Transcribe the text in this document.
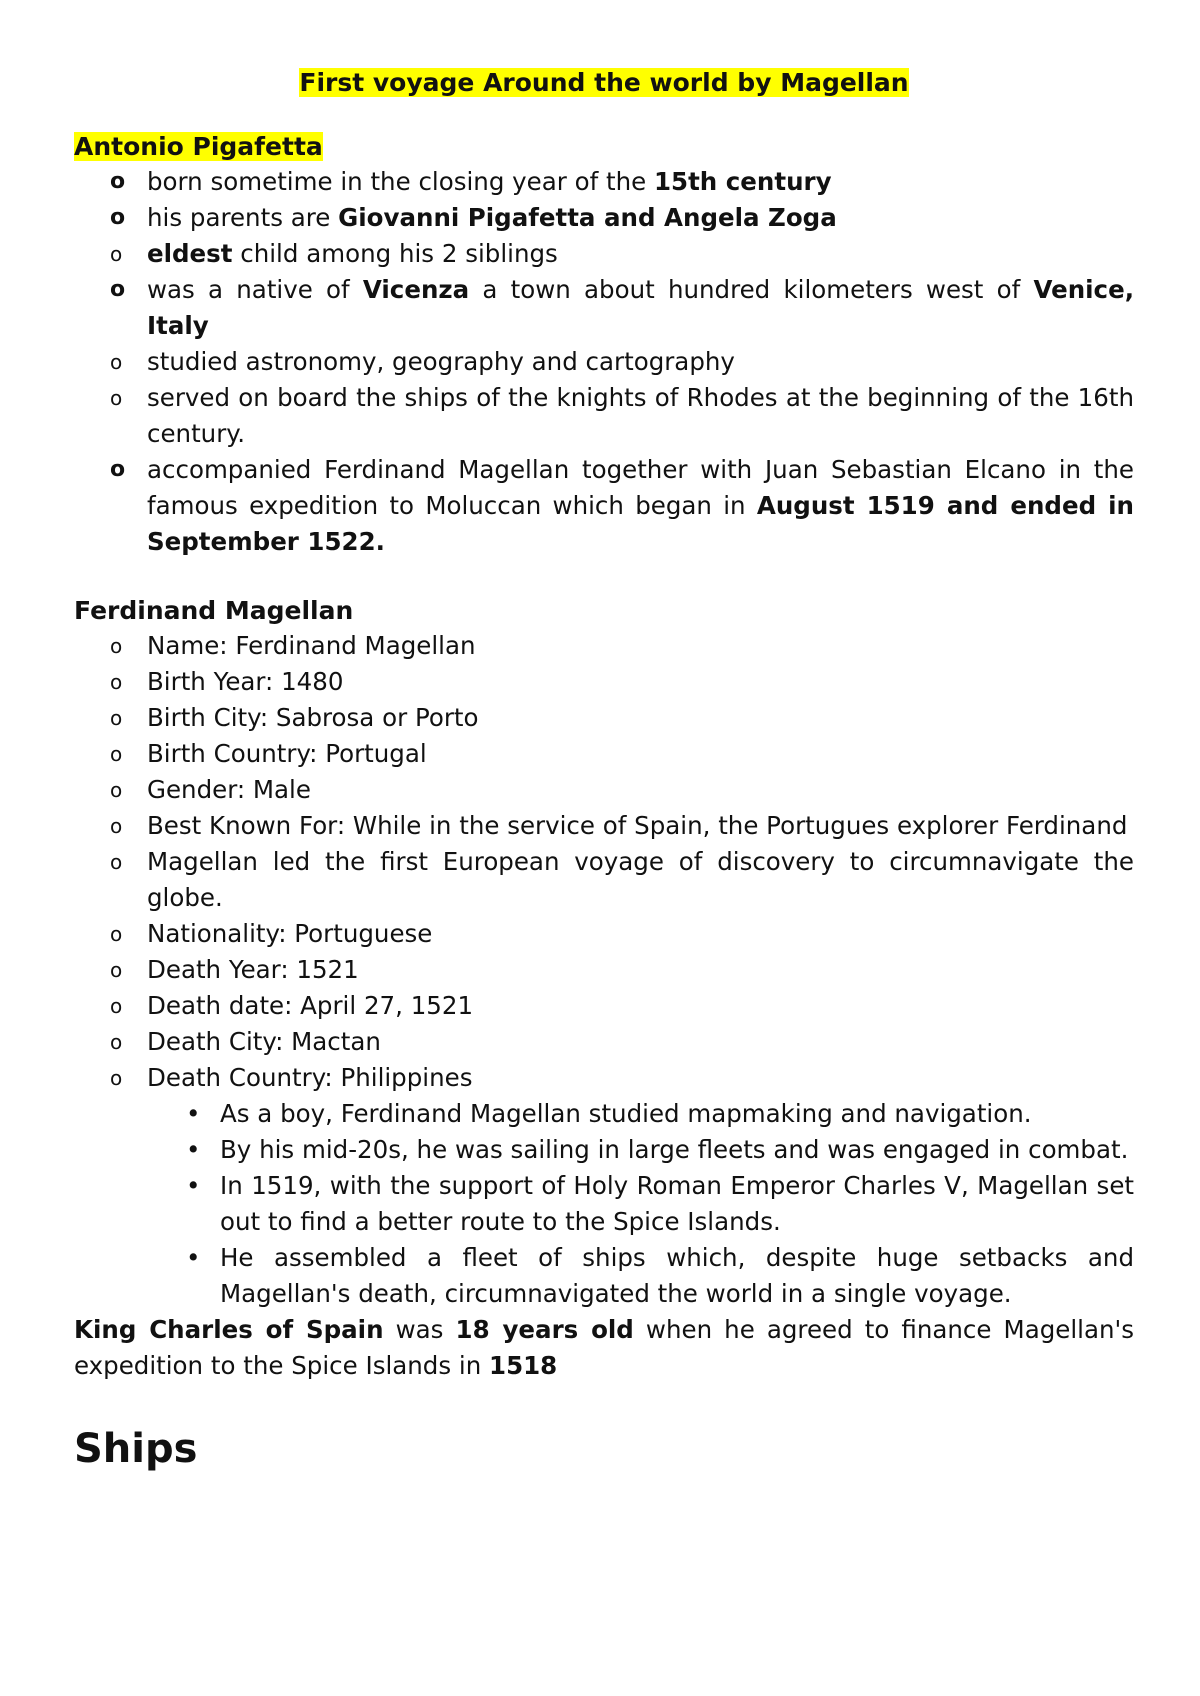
First voyage Around the world by Magellan
Antonio Pigafetta
o born sometime in the closing year of the 15th century
o his parents are Giovanni Pigafetta and Angela Zoga
o	eldest child among his 2 siblings
o was a native of Vicenza a town about hundred kilometers west of Venice, Italy
o	studied astronomy, geography and cartography
o	served on board the ships of the knights of Rhodes at the beginning of the 16th century.
o accompanied Ferdinand Magellan together with Juan Sebastian Elcano in the famous expedition to Moluccan which began in August 1519 and ended in September 1522.
Ferdinand Magellan
o	Name: Ferdinand Magellan
o	Birth Year: 1480
o	Birth City: Sabrosa or Porto
o	Birth Country: Portugal
o	Gender: Male
o	Best Known For: While in the service of Spain, the Portugues explorer Ferdinand
o	Magellan led the first European voyage of discovery to circumnavigate the globe.
o	Nationality: Portuguese
o	Death Year: 1521
o	Death date: April 27, 1521
o	Death City: Mactan
o	Death Country: Philippines
• As a boy, Ferdinand Magellan studied mapmaking and navigation.
• By his mid-20s, he was sailing in large fleets and was engaged in combat.
• In 1519, with the support of Holy Roman Emperor Charles V, Magellan set out to find a better route to the Spice Islands.
• He assembled a fleet of ships which, despite huge setbacks and Magellan's death, circumnavigated the world in a single voyage.

King Charles of Spain was 18 years old when he agreed to finance Magellan's expedition to the Spice Islands in 1518

Ships
